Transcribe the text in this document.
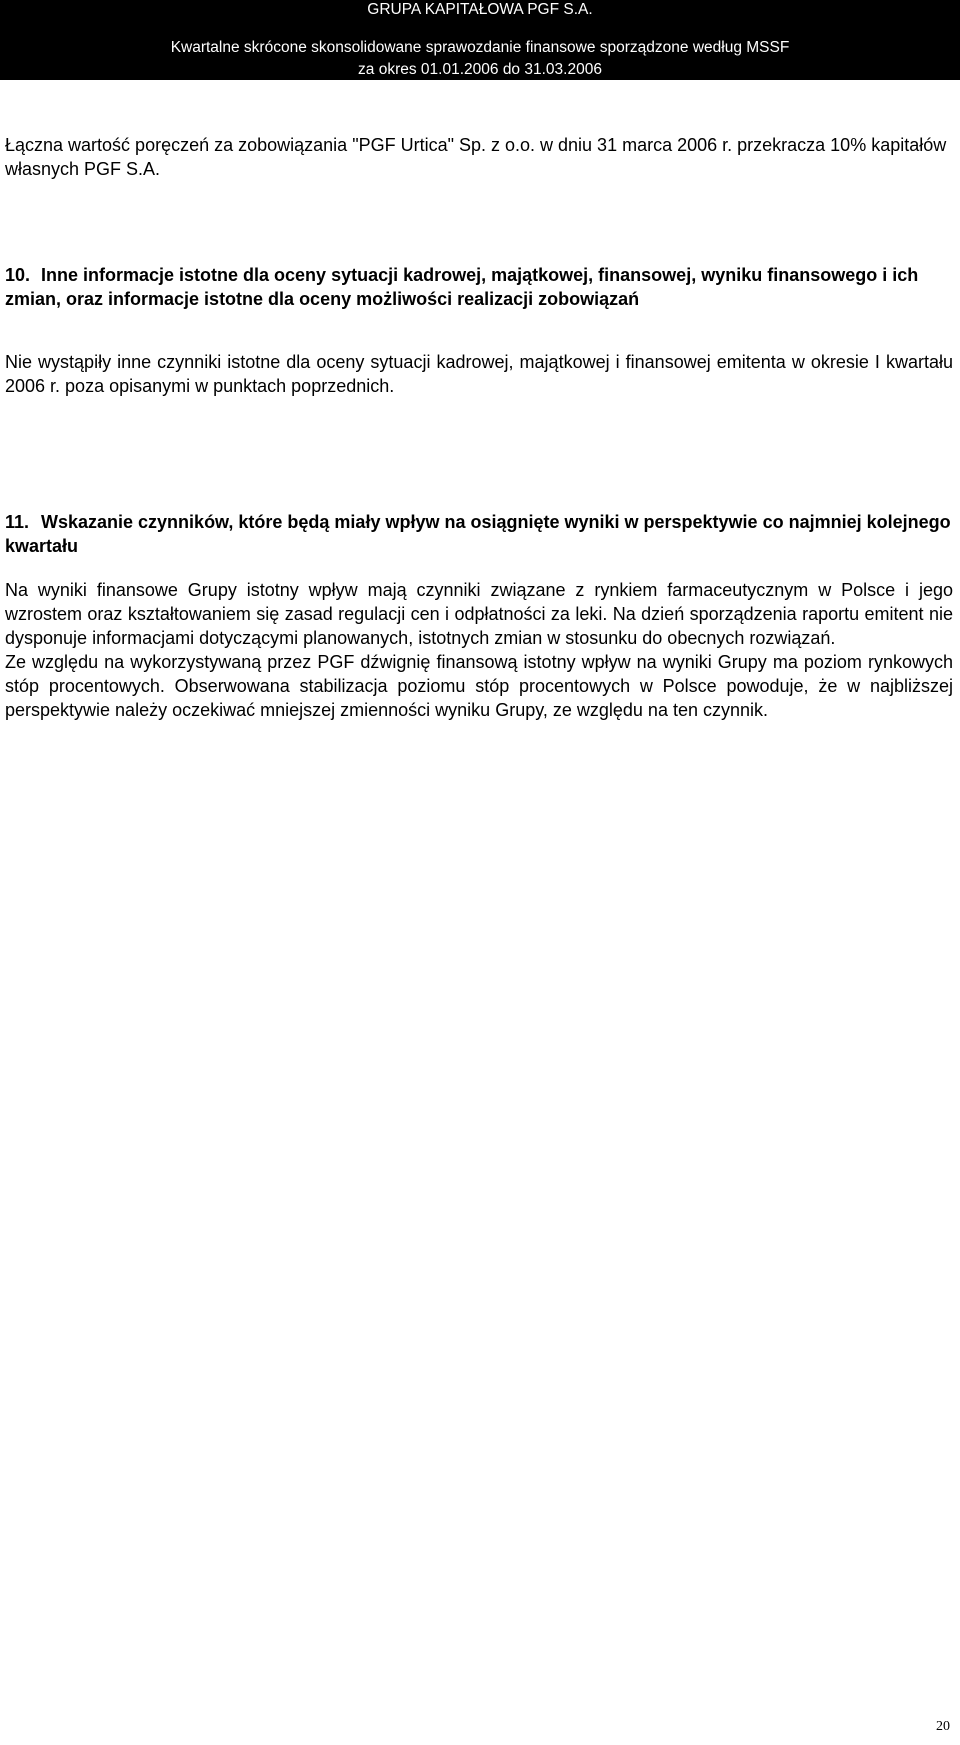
GRUPA KAPITAŁOWA PGF S.A.
Kwartalne skrócone skonsolidowane sprawozdanie finansowe sporządzone według MSSF
za okres 01.01.2006 do 31.03.2006
Łączna wartość poręczeń za zobowiązania "PGF Urtica" Sp. z o.o. w dniu 31 marca 2006 r. przekracza 10% kapitałów własnych PGF S.A.
10. Inne informacje istotne dla oceny sytuacji kadrowej, majątkowej, finansowej, wyniku finansowego i ich zmian, oraz informacje istotne dla oceny możliwości realizacji zobowiązań
Nie wystąpiły inne czynniki istotne dla oceny sytuacji kadrowej, majątkowej i finansowej emitenta w okresie I kwartału 2006 r. poza opisanymi w punktach poprzednich.
11. Wskazanie czynników, które będą miały wpływ na osiągnięte wyniki w perspektywie co najmniej kolejnego kwartału

Na wyniki finansowe Grupy istotny wpływ mają czynniki związane z rynkiem farmaceutycznym w Polsce i jego wzrostem oraz kształtowaniem się zasad regulacji cen i odpłatności za leki. Na dzień sporządzenia raportu emitent nie dysponuje informacjami dotyczącymi planowanych, istotnych zmian w stosunku do obecnych rozwiązań.

Ze względu na wykorzystywaną przez PGF dźwignię finansową istotny wpływ na wyniki Grupy ma poziom rynkowych stóp procentowych. Obserwowana stabilizacja poziomu stóp procentowych w Polsce powoduje, że w najbliższej perspektywie należy oczekiwać mniejszej zmienności wyniku Grupy, ze względu na ten czynnik.

20
